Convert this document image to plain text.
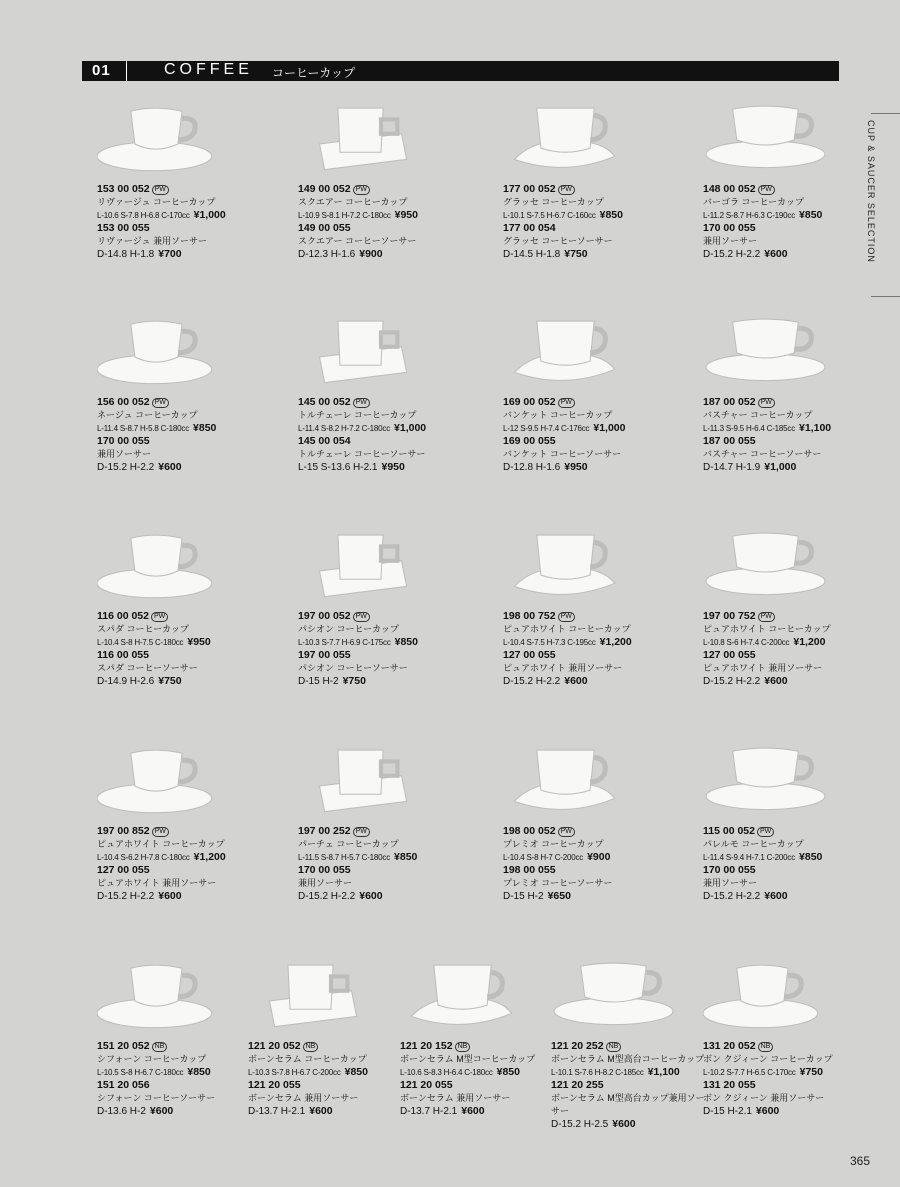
01	COFFEE コーヒーカップ
CUP & SAUCER SELECTION
153 00 052 PW
リヴァージュ コーヒーカップ
L-10.6 S-7.8 H-6.8 C-170cc ¥1,000
153 00 055
リヴァージュ 兼用ソーサー
D-14.8 H-1.8 ¥700
149 00 052 PW
スクエアー コーヒーカップ
L-10.9 S-8.1 H-7.2 C-180cc ¥950
149 00 055
スクエアー コーヒーソーサー
D-12.3 H-1.6 ¥900
177 00 052 PW
グラッセ コーヒーカップ
L-10.1 S-7.5 H-6.7 C-160cc ¥850
177 00 054
グラッセ コーヒーソーサー
D-14.5 H-1.8 ¥750
148 00 052 PW
バーゴラ コーヒーカップ
L-11.2 S-8.7 H-6.3 C-190cc ¥850
170 00 055
兼用ソーサー
D-15.2 H-2.2 ¥600
156 00 052 PW
ネージュ コーヒーカップ
L-11.4 S-8.7 H-5.8 C-180cc ¥850
170 00 055
兼用ソーサー
D-15.2 H-2.2 ¥600
145 00 052 PW
トルチェーレ コーヒーカップ
L-11.4 S-8.2 H-7.2 C-180cc ¥1,000
145 00 054
トルチェーレ コーヒーソーサー
L-15 S-13.6 H-2.1 ¥950
169 00 052 PW
バンケット コーヒーカップ
L-12 S-9.5 H-7.4 C-176cc ¥1,000
169 00 055
バンケット コーヒーソーサー
D-12.8 H-1.6 ¥950
187 00 052 PW
バスチャー コーヒーカップ
L-11.3 S-9.5 H-6.4 C-185cc ¥1,100
187 00 055
バスチャー コーヒーソーサー
D-14.7 H-1.9 ¥1,000
116 00 052 PW
スパダ コーヒーカップ
L-10.4 S-8 H-7.5 C-180cc ¥950
116 00 055
スパダ コーヒーソーサー
D-14.9 H-2.6 ¥750
197 00 052 PW
パシオン コーヒーカップ
L-10.3 S-7.7 H-6.9 C-175cc ¥850
197 00 055
パシオン コーヒーソーサー
D-15 H-2 ¥750
198 00 752 PW
ピュアホワイト コーヒーカップ
L-10.4 S-7.5 H-7.3 C-195cc ¥1,200
127 00 055
ピュアホワイト 兼用ソーサー
D-15.2 H-2.2 ¥600
197 00 752 PW
ピュアホワイト コーヒーカップ
L-10.8 S-6 H-7.4 C-200cc ¥1,200
127 00 055
ピュアホワイト 兼用ソーサー
D-15.2 H-2.2 ¥600
197 00 852 PW
ピュアホワイト コーヒーカップ
L-10.4 S-6.2 H-7.8 C-180cc ¥1,200
127 00 055
ピュアホワイト 兼用ソーサー
D-15.2 H-2.2 ¥600
197 00 252 PW
パーチェ コーヒーカップ
L-11.5 S-8.7 H-5.7 C-180cc ¥850
170 00 055
兼用ソーサー
D-15.2 H-2.2 ¥600
198 00 052 PW
プレミオ コーヒーカップ
L-10.4 S-8 H-7 C-200cc ¥900
198 00 055
プレミオ コーヒーソーサー
D-15 H-2 ¥650
115 00 052 PW
パレルモ コーヒーカップ
L-11.4 S-9.4 H-7.1 C-200cc ¥850
170 00 055
兼用ソーサー
D-15.2 H-2.2 ¥600
151 20 052 NB
シフォーン コーヒーカップ
L-10.5 S-8 H-6.7 C-180cc ¥850
151 20 056
シフォーン コーヒーソーサー
D-13.6 H-2 ¥600
121 20 052 NB
ボーンセラム コーヒーカップ
L-10.3 S-7.8 H-6.7 C-200cc ¥850
121 20 055
ボーンセラム 兼用ソーサー
D-13.7 H-2.1 ¥600
121 20 152 NB
ボーンセラム M型コーヒーカップ
L-10.6 S-8.3 H-6.4 C-180cc ¥850
121 20 055
ボーンセラム 兼用ソーサー
D-13.7 H-2.1 ¥600
121 20 252 NB
ボーンセラム M型高台コーヒーカップ
L-10.1 S-7.6 H-8.2 C-185cc ¥1,100
121 20 255
ボーンセラム M型高台カップ兼用ソーサー
D-15.2 H-2.5 ¥600
131 20 052 NB
ボン クジィーン コーヒーカップ
L-10.2 S-7.7 H-6.5 C-170cc ¥750
131 20 055
ボン クジィーン 兼用ソーサー
D-15 H-2.1 ¥600
365
